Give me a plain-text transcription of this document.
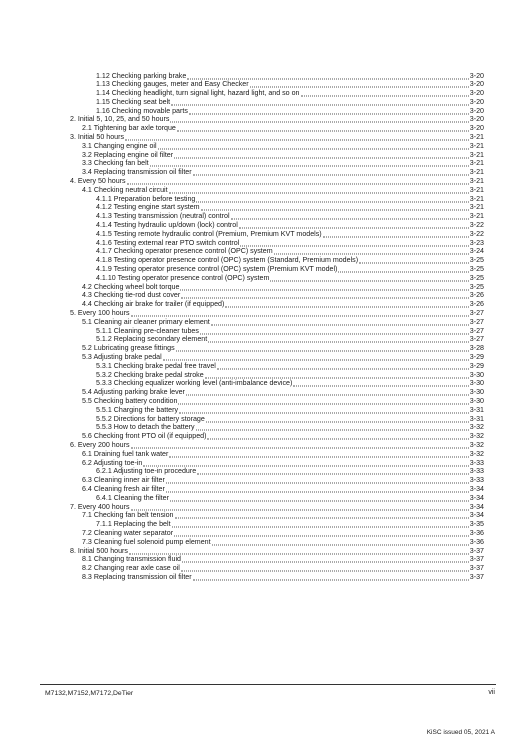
1.12 Checking parking brake	3-20
1.13 Checking gauges, meter and Easy Checker	3-20
1.14 Checking headlight, turn signal light, hazard light, and so on	3-20
1.15 Checking seat belt	3-20
1.16 Checking movable parts	3-20
2. Initial 5, 10, 25, and 50 hours	3-20
2.1 Tightening bar axle torque	3-20
3. Initial 50 hours	3-21
3.1 Changing engine oil	3-21
3.2 Replacing engine oil filter	3-21
3.3 Checking fan belt	3-21
3.4 Replacing transmission oil filter	3-21
4. Every 50 hours	3-21
4.1 Checking neutral circuit	3-21
4.1.1 Preparation before testing	3-21
4.1.2 Testing engine start system	3-21
4.1.3 Testing transmission (neutral) control	3-21
4.1.4 Testing hydraulic up/down (lock) control	3-22
4.1.5 Testing remote hydraulic control (Premium, Premium KVT models)	3-22
4.1.6 Testing external rear PTO switch control	3-23
4.1.7 Checking operator presence control (OPC) system	3-24
4.1.8 Testing operator presence control (OPC) system (Standard, Premium models)	3-25
4.1.9 Testing operator presence control (OPC) system (Premium KVT model)	3-25
4.1.10 Testing operator presence control (OPC) system	3-25
4.2 Checking wheel bolt torque	3-25
4.3 Checking tie-rod dust cover	3-26
4.4 Checking air brake for trailer (if equipped)	3-26
5. Every 100 hours	3-27
5.1 Cleaning air cleaner primary element	3-27
5.1.1 Cleaning pre-cleaner tubes	3-27
5.1.2 Replacing secondary element	3-27
5.2 Lubricating grease fittings	3-28
5.3 Adjusting brake pedal	3-29
5.3.1 Checking brake pedal free travel	3-29
5.3.2 Checking brake pedal stroke	3-30
5.3.3 Checking equalizer working level (anti-imbalance device)	3-30
5.4 Adjusting parking brake lever	3-30
5.5 Checking battery condition	3-30
5.5.1 Charging the battery	3-31
5.5.2 Directions for battery storage	3-31
5.5.3 How to detach the battery	3-32
5.6 Checking front PTO oil (if equipped)	3-32
6. Every 200 hours	3-32
6.1 Draining fuel tank water	3-32
6.2 Adjusting toe-in	3-33
6.2.1 Adjusting toe-in procedure	3-33
6.3 Cleaning inner air filter	3-33
6.4 Cleaning fresh air filter	3-34
6.4.1 Cleaning the filter	3-34
7. Every 400 hours	3-34
7.1 Checking fan belt tension	3-34
7.1.1 Replacing the belt	3-35
7.2 Cleaning water separator	3-36
7.3 Cleaning fuel solenoid pump element	3-36
8. Initial 500 hours	3-37
8.1 Changing transmission fluid	3-37
8.2 Changing rear axle case oil	3-37
8.3 Replacing transmission oil filter	3-37
M7132,M7152,M7172,DeTier	vii
KiSC issued 05, 2021 A
